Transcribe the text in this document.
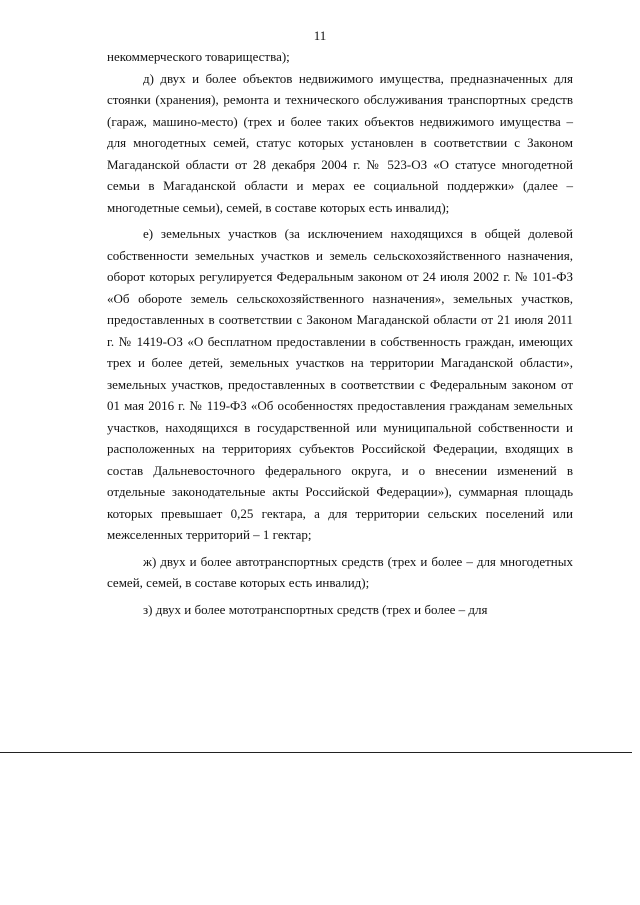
11

некоммерческого товарищества);

д) двух и более объектов недвижимого имущества, предназначенных для стоянки (хранения), ремонта и технического обслуживания транспортных средств (гараж, машино-место) (трех и более таких объектов недвижимого имущества – для многодетных семей, статус которых установлен в соответствии с Законом Магаданской области от 28 декабря 2004 г. № 523-ОЗ «О статусе многодетной семьи в Магаданской области и мерах ее социальной поддержки» (далее – многодетные семьи), семей, в составе которых есть инвалид);

е) земельных участков (за исключением находящихся в общей долевой собственности земельных участков и земель сельскохозяйственного назначения, оборот которых регулируется Федеральным законом от 24 июля 2002 г. № 101-ФЗ «Об обороте земель сельскохозяйственного назначения», земельных участков, предоставленных в соответствии с Законом Магаданской области от 21 июля 2011 г. № 1419-ОЗ «О бесплатном предоставлении в собственность граждан, имеющих трех и более детей, земельных участков на территории Магаданской области», земельных участков, предоставленных в соответствии с Федеральным законом от 01 мая 2016 г. № 119-ФЗ «Об особенностях предоставления гражданам земельных участков, находящихся в государственной или муниципальной собственности и расположенных на территориях субъектов Российской Федерации, входящих в состав Дальневосточного федерального округа, и о внесении изменений в отдельные законодательные акты Российской Федерации»), суммарная площадь которых превышает 0,25 гектара, а для территории сельских поселений или межселенных территорий – 1 гектар;

ж) двух и более автотранспортных средств (трех и более – для многодетных семей, семей, в составе которых есть инвалид);

з) двух и более мототранспортных средств (трех и более – для
